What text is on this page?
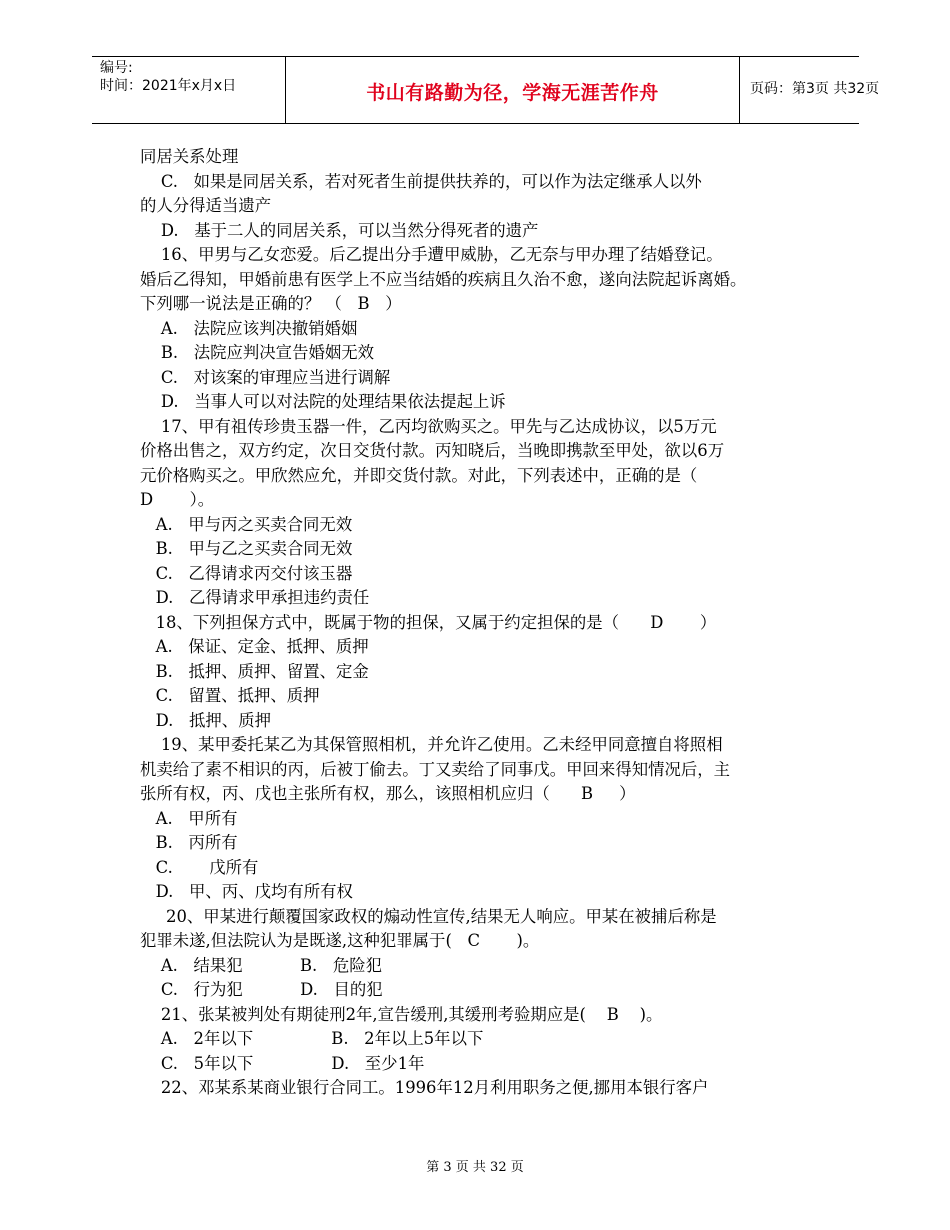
编号:
时间：2021年x月x日	书山有路勤为径，学海无涯苦作舟	页码：第3页 共32页
同居关系处理
C.   如果是同居关系，若对死者生前提供扶养的，可以作为法定继承人以外
的人分得适当遗产
D.   基于二人的同居关系，可以当然分得死者的遗产
16、甲男与乙女恋爱。后乙提出分手遭甲威胁，乙无奈与甲办理了结婚登记。
婚后乙得知，甲婚前患有医学上不应当结婚的疾病且久治不愈，遂向法院起诉离婚。
下列哪一说法是正确的？ （   B   ）
A.   法院应该判决撤销婚姻
B.   法院应判决宣告婚姻无效
C.   对该案的审理应当进行调解
D.   当事人可以对法院的处理结果依法提起上诉
17、甲有祖传珍贵玉器一件，乙丙均欲购买之。甲先与乙达成协议，以5万元
价格出售之，双方约定，次日交货付款。丙知晓后，当晚即携款至甲处，欲以6万
元价格购买之。甲欣然应允，并即交货付款。对此，下列表述中，正确的是（
D       ）。
A.   甲与丙之买卖合同无效
B.   甲与乙之买卖合同无效
C.   乙得请求丙交付该玉器
D.   乙得请求甲承担违约责任
18、下列担保方式中，既属于物的担保，又属于约定担保的是（      D       ）
A.   保证、定金、抵押、质押
B.   抵押、质押、留置、定金
C.   留置、抵押、质押
D.   抵押、质押
19、某甲委托某乙为其保管照相机，并允许乙使用。乙未经甲同意擅自将照相
机卖给了素不相识的丙，后被丁偷去。丁又卖给了同事戊。甲回来得知情况后，主
张所有权，丙、戊也主张所有权，那么，该照相机应归（      B     ）
A.   甲所有
B.   丙所有
C.       戊所有
D.   甲、丙、戊均有所有权
20、甲某进行颠覆国家政权的煽动性宣传,结果无人响应。甲某在被捕后称是
犯罪未遂,但法院认为是既遂,这种犯罪属于(   C       )。
A.   结果犯           B.   危险犯
C.   行为犯           D.   目的犯
21、张某被判处有期徒刑2年,宣告缓刑,其缓刑考验期应是(    B    )。
A.   2年以下               B.   2年以上5年以下
C.   5年以下               D.   至少1年
22、邓某系某商业银行合同工。1996年12月利用职务之便,挪用本银行客户
第 3 页 共 32 页
